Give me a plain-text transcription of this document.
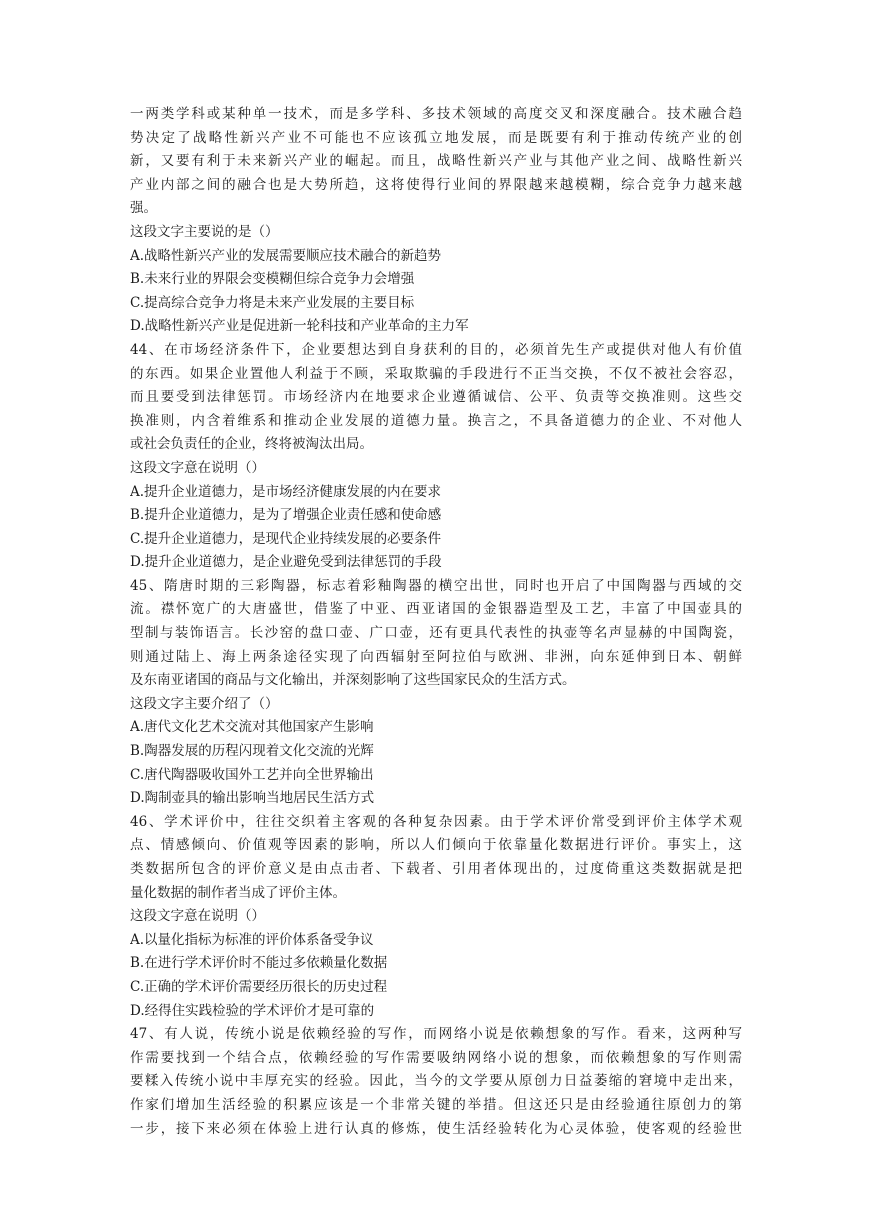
一两类学科或某种单一技术，而是多学科、多技术领域的高度交叉和深度融合。技术融合趋
势决定了战略性新兴产业不可能也不应该孤立地发展，而是既要有利于推动传统产业的创
新，又要有利于未来新兴产业的崛起。而且，战略性新兴产业与其他产业之间、战略性新兴
产业内部之间的融合也是大势所趋，这将使得行业间的界限越来越模糊，综合竞争力越来越
强。
这段文字主要说的是（）
A.战略性新兴产业的发展需要顺应技术融合的新趋势
B.未来行业的界限会变模糊但综合竞争力会增强
C.提高综合竞争力将是未来产业发展的主要目标
D.战略性新兴产业是促进新一轮科技和产业革命的主力军
44、在市场经济条件下，企业要想达到自身获利的目的，必须首先生产或提供对他人有价值
的东西。如果企业置他人利益于不顾，采取欺骗的手段进行不正当交换，不仅不被社会容忍，
而且要受到法律惩罚。市场经济内在地要求企业遵循诚信、公平、负责等交换准则。这些交
换准则，内含着维系和推动企业发展的道德力量。换言之，不具备道德力的企业、不对他人
或社会负责任的企业，终将被淘汰出局。
这段文字意在说明（）
A.提升企业道德力，是市场经济健康发展的内在要求
B.提升企业道德力，是为了增强企业责任感和使命感
C.提升企业道德力，是现代企业持续发展的必要条件
D.提升企业道德力，是企业避免受到法律惩罚的手段
45、隋唐时期的三彩陶器，标志着彩釉陶器的横空出世，同时也开启了中国陶器与西域的交
流。襟怀宽广的大唐盛世，借鉴了中亚、西亚诸国的金银器造型及工艺，丰富了中国壶具的
型制与装饰语言。长沙窑的盘口壶、广口壶，还有更具代表性的执壶等名声显赫的中国陶瓷，
则通过陆上、海上两条途径实现了向西辐射至阿拉伯与欧洲、非洲，向东延伸到日本、朝鲜
及东南亚诸国的商品与文化输出，并深刻影响了这些国家民众的生活方式。
这段文字主要介绍了（）
A.唐代文化艺术交流对其他国家产生影响
B.陶器发展的历程闪现着文化交流的光辉
C.唐代陶器吸收国外工艺并向全世界输出
D.陶制壶具的输出影响当地居民生活方式
46、学术评价中，往往交织着主客观的各种复杂因素。由于学术评价常受到评价主体学术观
点、情感倾向、价值观等因素的影响，所以人们倾向于依靠量化数据进行评价。事实上，这
类数据所包含的评价意义是由点击者、下载者、引用者体现出的，过度倚重这类数据就是把
量化数据的制作者当成了评价主体。
这段文字意在说明（）
A.以量化指标为标准的评价体系备受争议
B.在进行学术评价时不能过多依赖量化数据
C.正确的学术评价需要经历很长的历史过程
D.经得住实践检验的学术评价才是可靠的
47、有人说，传统小说是依赖经验的写作，而网络小说是依赖想象的写作。看来，这两种写
作需要找到一个结合点，依赖经验的写作需要吸纳网络小说的想象，而依赖想象的写作则需
要糅入传统小说中丰厚充实的经验。因此，当今的文学要从原创力日益萎缩的窘境中走出来，
作家们增加生活经验的积累应该是一个非常关键的举措。但这还只是由经验通往原创力的第
一步，接下来必须在体验上进行认真的修炼，使生活经验转化为心灵体验，使客观的经验世
